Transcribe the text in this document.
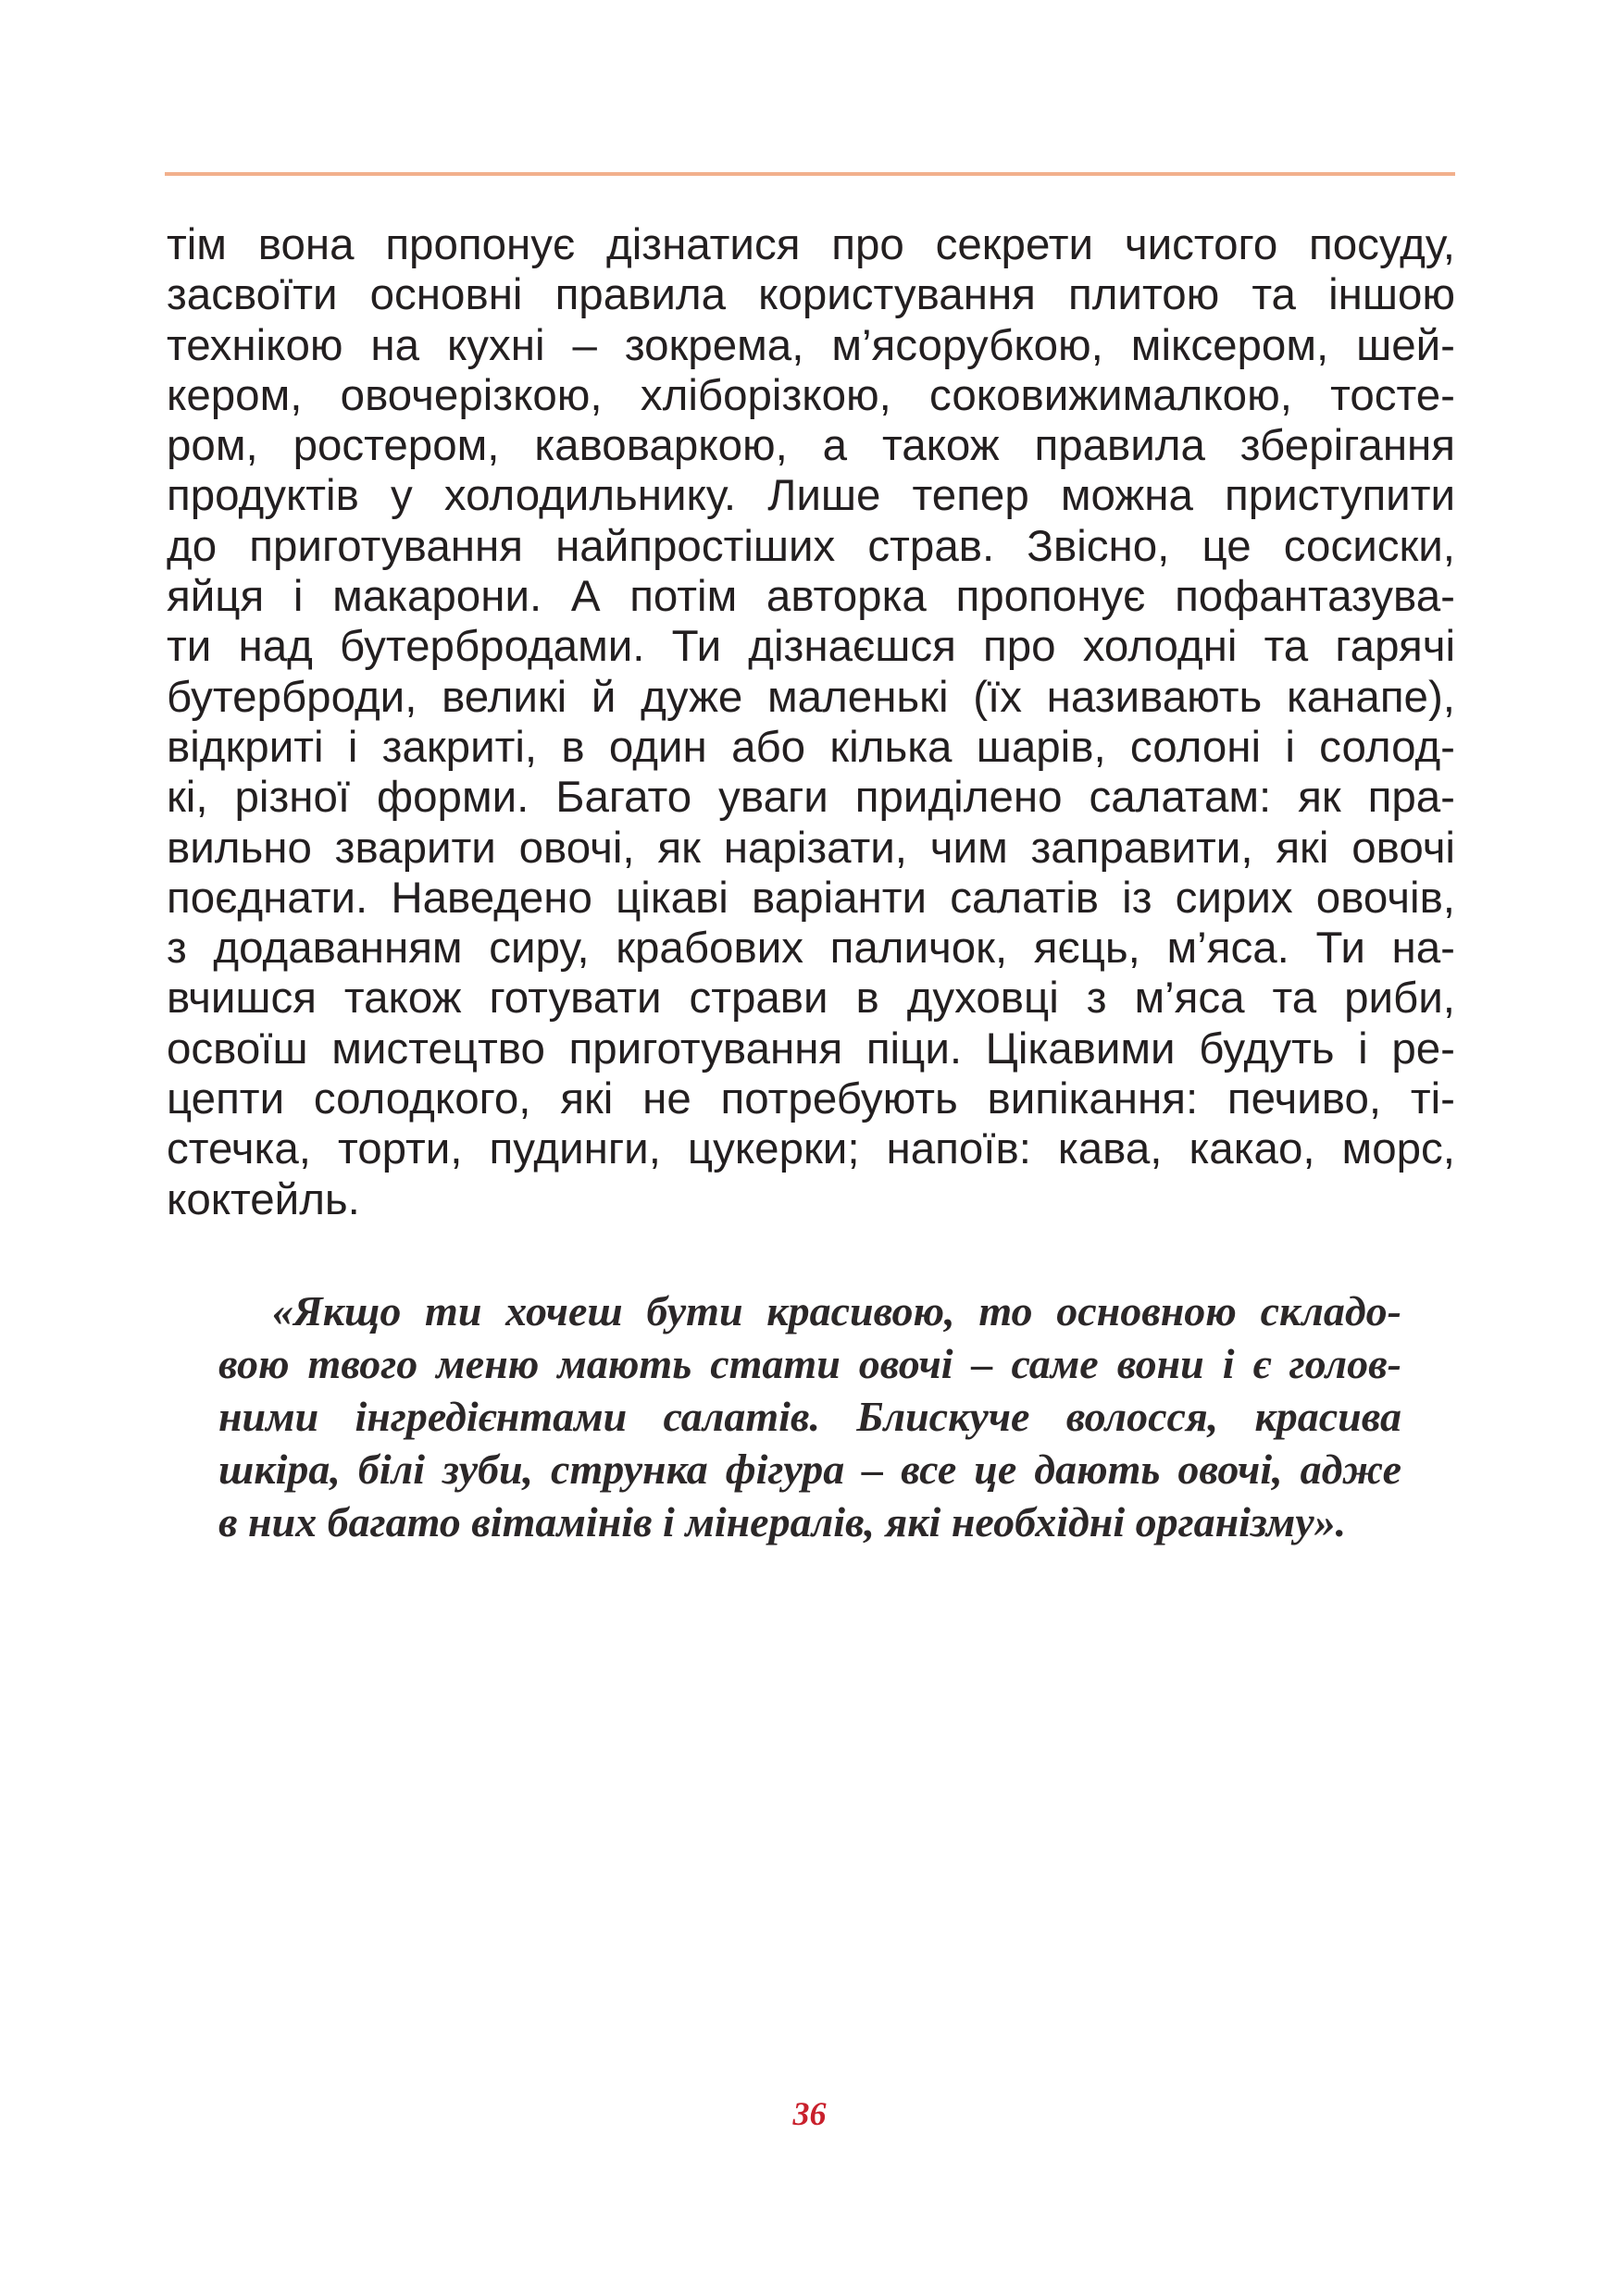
тім вона пропонує дізнатися про секрети чистого посуду,
засвоїти основні правила користування плитою та іншою
технікою на кухні – зокрема, м’ясорубкою, міксером, шей-
кером, овочерізкою, хліборізкою, соковижималкою, тосте-
ром, ростером, кавоваркою, а також правила зберігання
продуктів у холодильнику. Лише тепер можна приступити
до приготування найпростіших страв. Звісно, це сосиски,
яйця і макарони. А потім авторка пропонує пофантазува-
ти над бутербродами. Ти дізнаєшся про холодні та гарячі
бутерброди, великі й дуже маленькі (їх називають канапе),
відкриті і закриті, в один або кілька шарів, солоні і солод-
кі, різної форми. Багато уваги приділено салатам: як пра-
вильно зварити овочі, як нарізати, чим заправити, які овочі
поєднати. Наведено цікаві варіанти салатів із сирих овочів,
з додаванням сиру, крабових паличок, яєць, м’яса. Ти на-
вчишся також готувати страви в духовці з м’яса та риби,
освоїш мистецтво приготування піци. Цікавими будуть і ре-
цепти солодкого, які не потребують випікання: печиво, ті-
стечка, торти, пудинги, цукерки; напоїв: кава, какао, морс,
коктейль.
«Якщо ти хочеш бути красивою, то основною складо-
вою твого меню мають стати овочі – саме вони і є голов-
ними інгредієнтами салатів. Блискуче волосся, красива
шкіра, білі зуби, струнка фігура – все це дають овочі, адже
в них багато вітамінів і мінералів, які необхідні організму».
36
